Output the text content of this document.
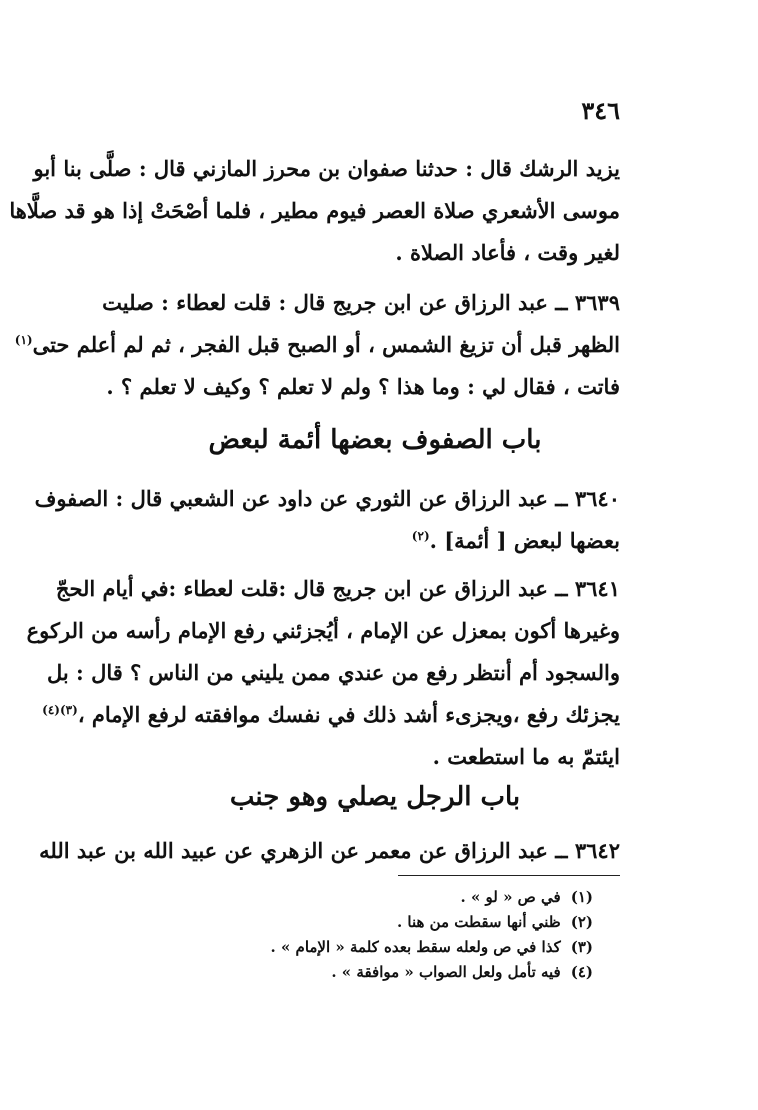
٣٤٦
يزيد الرشك قال : حدثنا صفوان بن محرز المازني قال : صلَّى بنا أبو
موسى الأشعري صلاة العصر فيوم مطير ، فلما أصْحَتْ إذا هو قد صلَّاها
لغير وقت ، فأعاد الصلاة .
٣٦٣٩ ــ عبد الرزاق عن ابن جريج قال : قلت لعطاء : صليت
الظهر قبل أن تزيغ الشمس ، أو الصبح قبل الفجر ، ثم لم أعلم حتى$^{(١)}$
فاتت ، فقال لي : وما هذا ؟ ولم لا تعلم ؟ وكيف لا تعلم ؟ .
باب الصفوف بعضها أئمة لبعض
٣٦٤٠ ــ عبد الرزاق عن الثوري عن داود عن الشعبي قال : الصفوف
بعضها لبعض [ أئمة] .$^{(٢)}$
٣٦٤١ ــ عبد الرزاق عن ابن جريج قال :قلت لعطاء :في أيام الحجّ
وغيرها أكون بمعزل عن الإمام ، أيُجزئني رفع الإمام رأسه من الركوع
والسجود أم أنتظر رفع من عندي ممن يليني من الناس ؟ قال : بل
يجزئك رفع ،ويجزىء أشد ذلك في نفسك موافقته لرفع الإمام ،$^{(٣)(٤)}$
ايئتمّ به ما استطعت .
باب الرجل يصلي وهو جنب
٣٦٤٢ ــ عبد الرزاق عن معمر عن الزهري عن عبيد الله بن عبد الله
(١)في ص « لو » .
(٢)ظني أنها سقطت من هنا .
(٣)كذا في ص ولعله سقط بعده كلمة « الإمام » .
(٤)فيه تأمل ولعل الصواب « موافقة » .
